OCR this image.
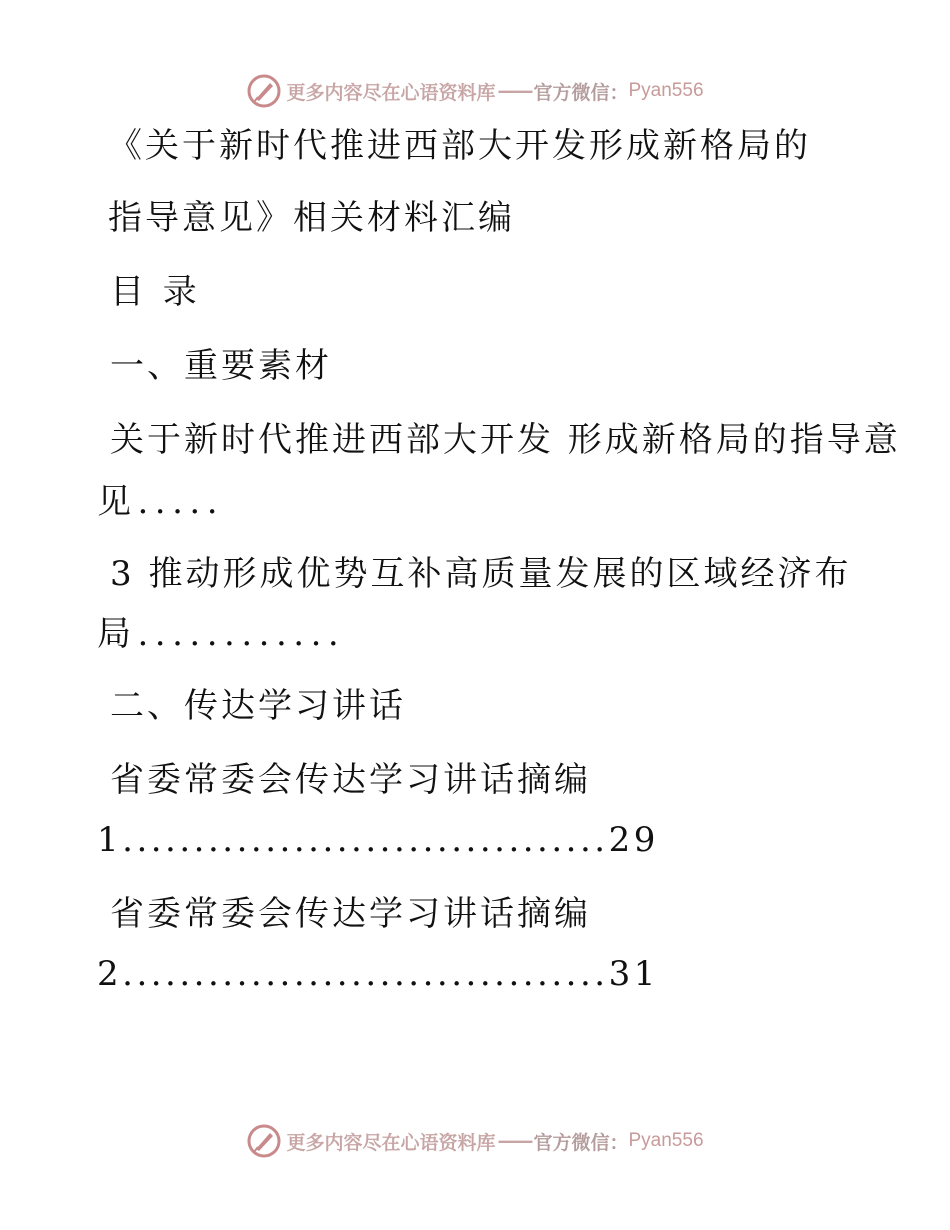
更多内容尽在心语资料库 —— 官方微信： Pyan556
《关于新时代推进西部大开发形成新格局的
指导意见》相关材料汇编
目 录
一、重要素材
关于新时代推进西部大开发 形成新格局的指导意
见.....
3 推动形成优势互补高质量发展的区域经济布
局............
二、传达学习讲话
省委常委会传达学习讲话摘编
1..................................29
省委常委会传达学习讲话摘编
2..................................31
更多内容尽在心语资料库 —— 官方微信： Pyan556
